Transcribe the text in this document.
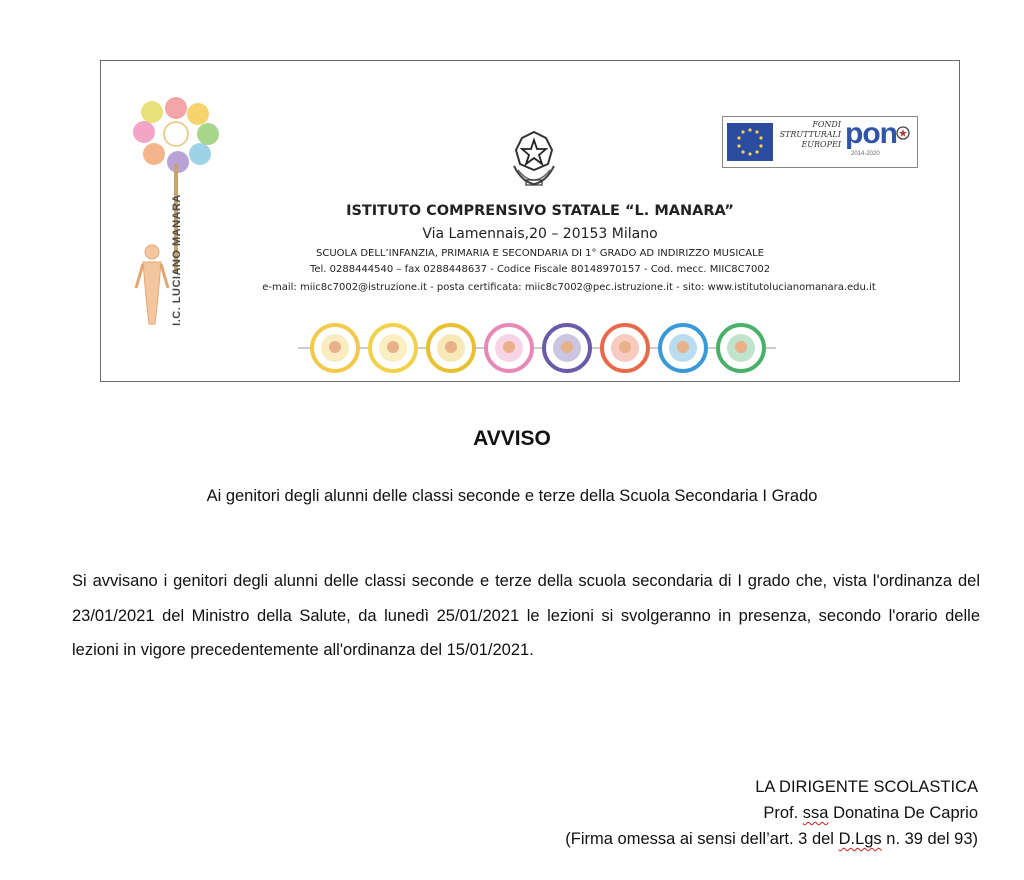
I.C. LUCIANO MANARA
FONDI
STRUTTURALI
EUROPEI pon
2014-2020
ISTITUTO COMPRENSIVO STATALE “L. MANARA”
Via Lamennais,20 – 20153 Milano
SCUOLA DELL’INFANZIA, PRIMARIA E SECONDARIA DI 1° GRADO AD INDIRIZZO MUSICALE
Tel. 0288444540 – fax 0288448637 - Codice Fiscale 80148970157 - Cod. mecc. MIIC8C7002
e-mail: miic8c7002@istruzione.it - posta certificata: miic8c7002@pec.istruzione.it - sito: www.istitutolucianomanara.edu.it
AVVISO
Ai genitori degli alunni delle classi seconde e terze della Scuola Secondaria I Grado
Si avvisano i genitori degli alunni delle classi seconde e terze della scuola secondaria di I grado che, vista l'ordinanza del 23/01/2021 del Ministro della Salute, da lunedì 25/01/2021 le lezioni si svolgeranno in presenza, secondo l'orario delle lezioni in vigore precedentemente all'ordinanza del 15/01/2021.
LA DIRIGENTE SCOLASTICA
Prof. ssa Donatina De Caprio
(Firma omessa ai sensi dell’art. 3 del D.Lgs n. 39 del 93)
